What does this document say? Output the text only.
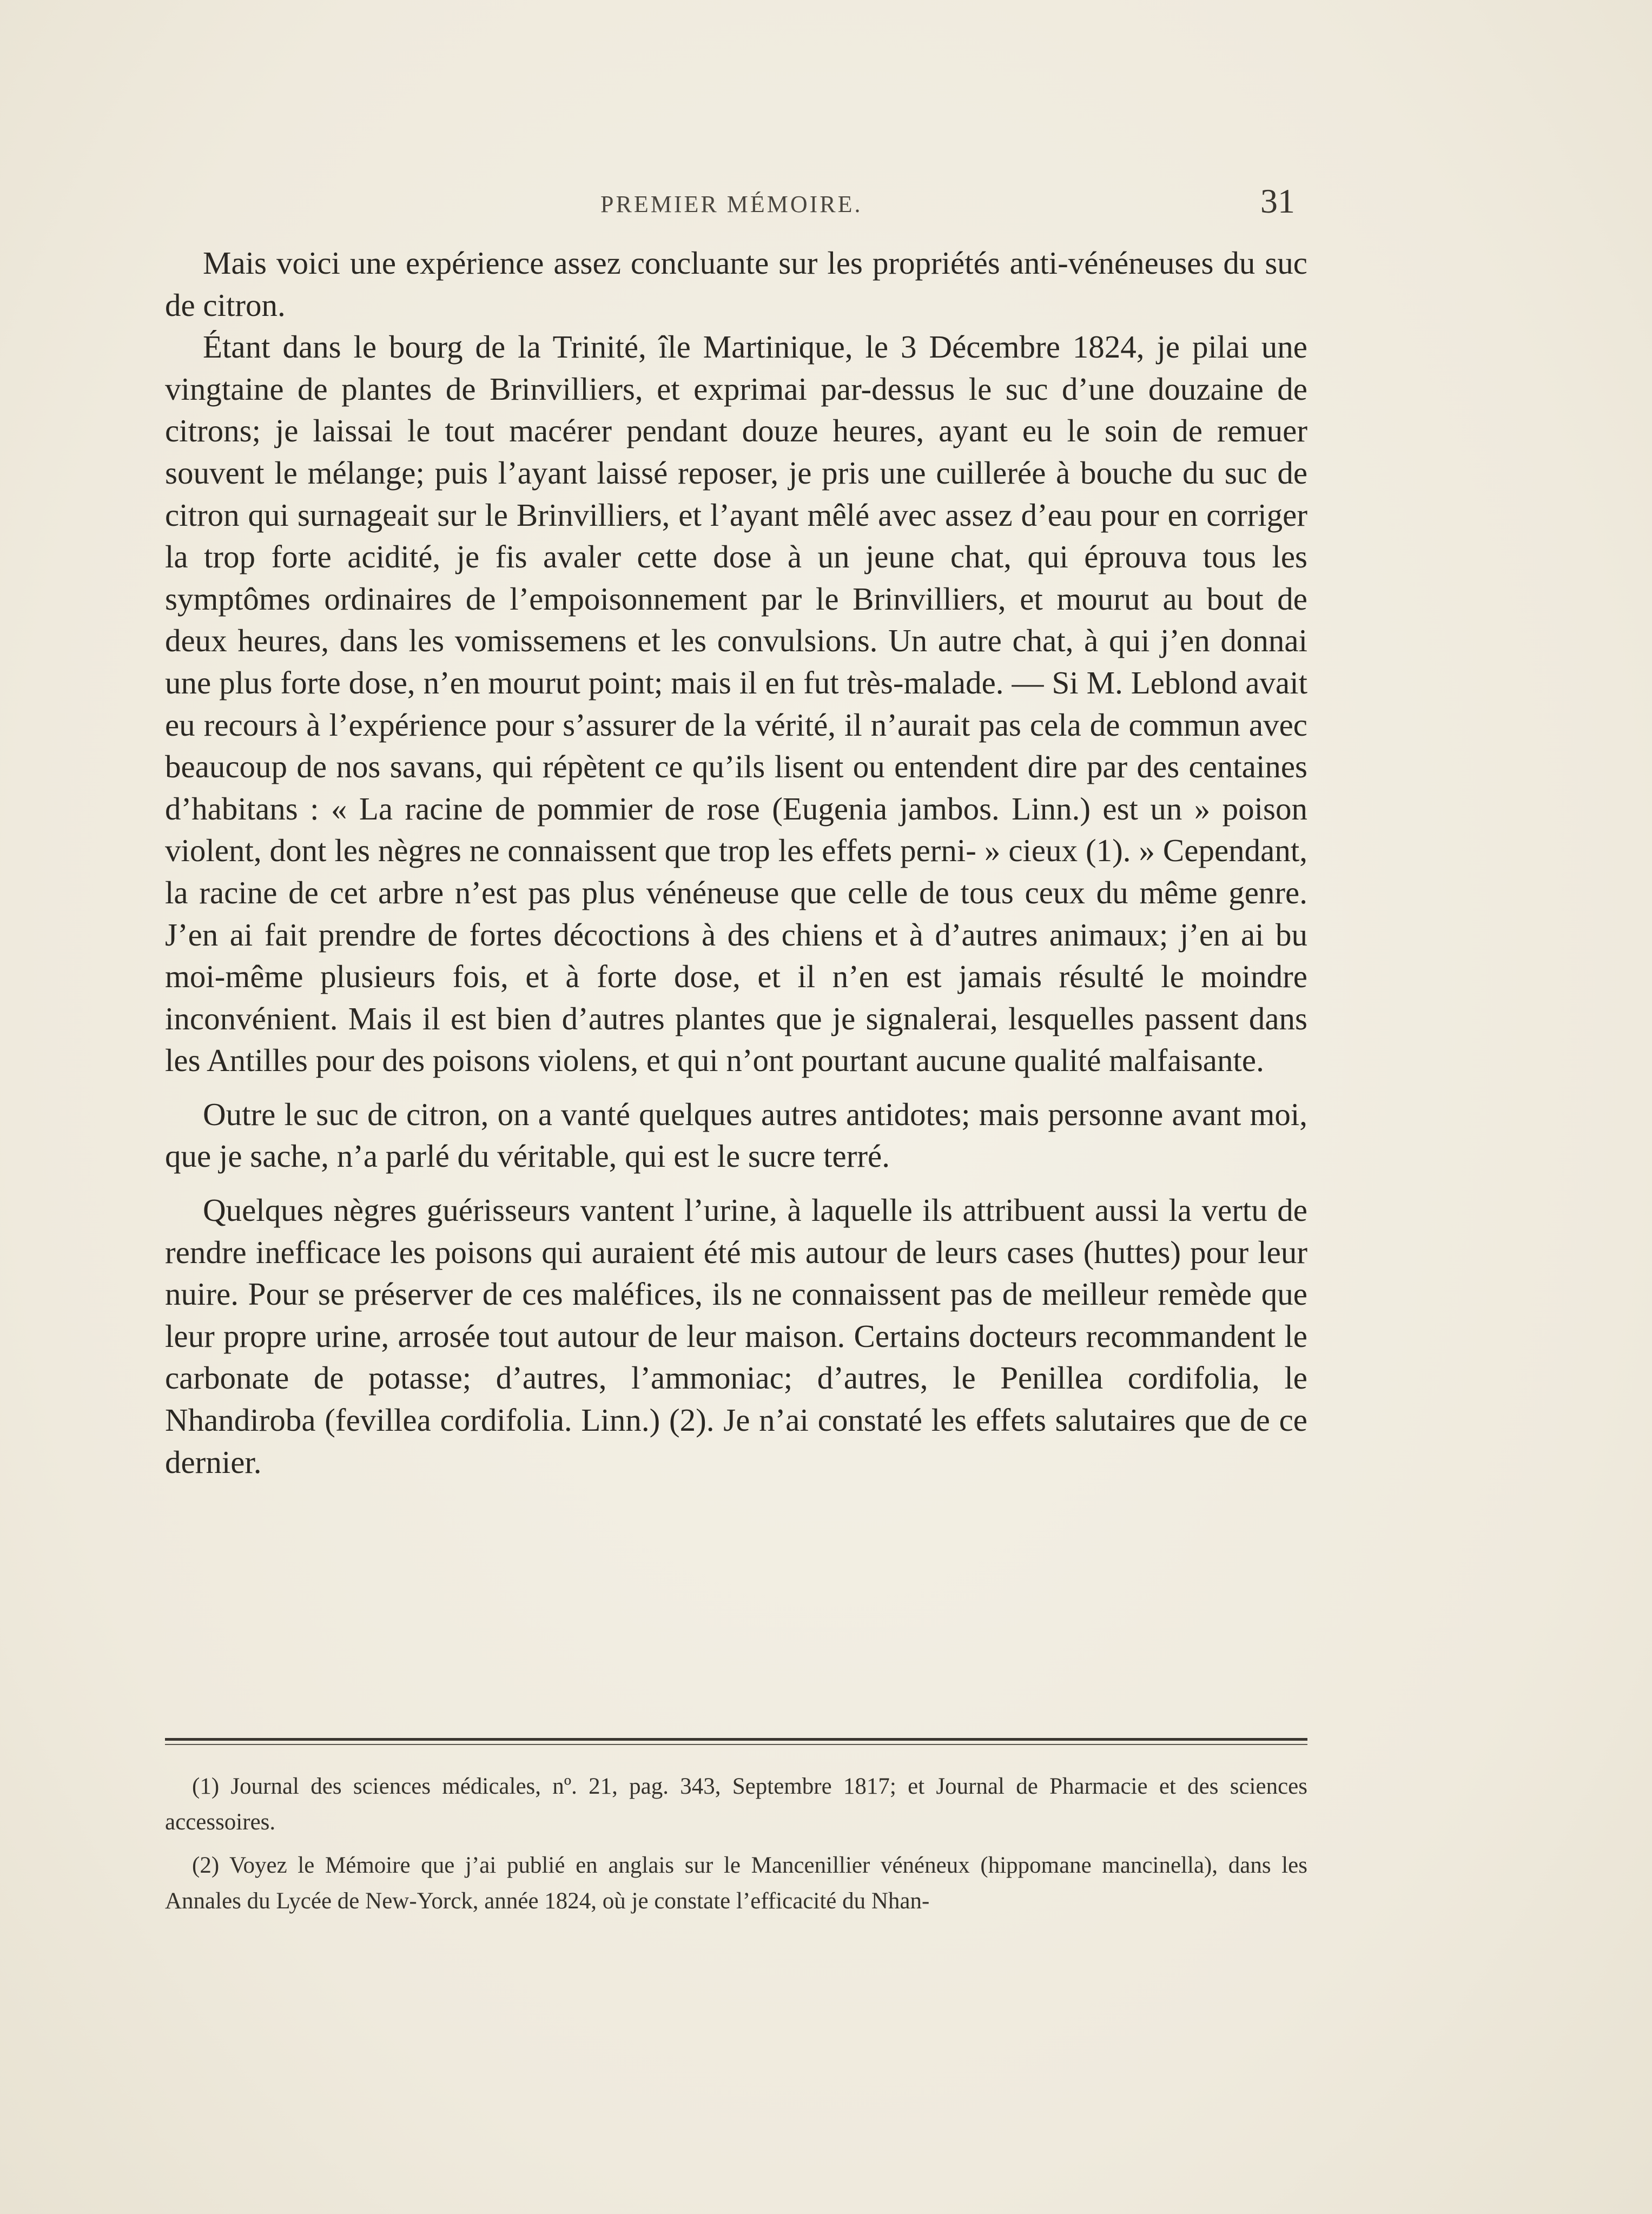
PREMIER MÉMOIRE.	31

Mais voici une expérience assez concluante sur les propriétés anti-vénéneuses du suc de citron.

Étant dans le bourg de la Trinité, île Martinique, le 3 Décembre 1824, je pilai une vingtaine de plantes de Brinvilliers, et exprimai par-dessus le suc d’une douzaine de citrons; je laissai le tout macérer pendant douze heures, ayant eu le soin de remuer souvent le mélange; puis l’ayant laissé reposer, je pris une cuillerée à bouche du suc de citron qui surnageait sur le Brinvilliers, et l’ayant mêlé avec assez d’eau pour en corriger la trop forte acidité, je fis avaler cette dose à un jeune chat, qui éprouva tous les symptômes ordinaires de l’empoisonnement par le Brinvilliers, et mourut au bout de deux heures, dans les vomissemens et les convulsions. Un autre chat, à qui j’en donnai une plus forte dose, n’en mourut point; mais il en fut très-malade. — Si M. Leblond avait eu recours à l’expérience pour s’assurer de la vérité, il n’aurait pas cela de commun avec beaucoup de nos savans, qui répètent ce qu’ils lisent ou entendent dire par des centaines d’habitans : « La racine de pommier de rose (Eugenia jambos. Linn.) est un » poison violent, dont les nègres ne connaissent que trop les effets perni- » cieux (1). » Cependant, la racine de cet arbre n’est pas plus vénéneuse que celle de tous ceux du même genre. J’en ai fait prendre de fortes décoctions à des chiens et à d’autres animaux; j’en ai bu moi-même plusieurs fois, et à forte dose, et il n’en est jamais résulté le moindre inconvénient. Mais il est bien d’autres plantes que je signalerai, lesquelles passent dans les Antilles pour des poisons violens, et qui n’ont pourtant aucune qualité malfaisante.

Outre le suc de citron, on a vanté quelques autres antidotes; mais personne avant moi, que je sache, n’a parlé du véritable, qui est le sucre terré.

Quelques nègres guérisseurs vantent l’urine, à laquelle ils attribuent aussi la vertu de rendre inefficace les poisons qui auraient été mis autour de leurs cases (huttes) pour leur nuire. Pour se préserver de ces maléfices, ils ne connaissent pas de meilleur remède que leur propre urine, arrosée tout autour de leur maison. Certains docteurs recommandent le carbonate de potasse; d’autres, l’ammoniac; d’autres, le Penillea cordifolia, le Nhandiroba (fevillea cordifolia. Linn.) (2). Je n’ai constaté les effets salutaires que de ce dernier.

(1) Journal des sciences médicales, nº. 21, pag. 343, Septembre 1817; et Journal de Pharmacie et des sciences accessoires.

(2) Voyez le Mémoire que j’ai publié en anglais sur le Mancenillier vénéneux (hippomane mancinella), dans les Annales du Lycée de New-Yorck, année 1824, où je constate l’efficacité du Nhan-
